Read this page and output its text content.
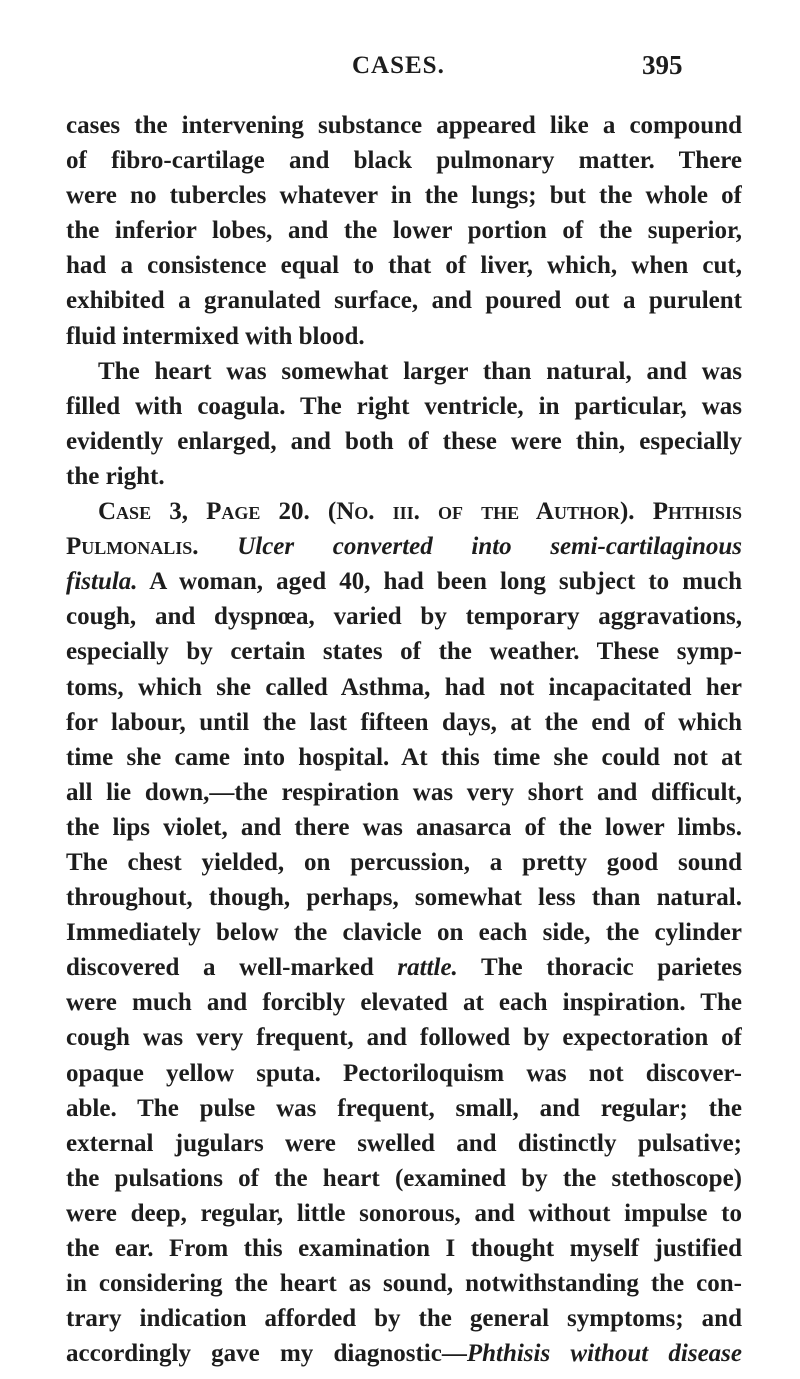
CASES.	395
cases the intervening substance appeared like a compound
of fibro-cartilage and black pulmonary matter. There
were no tubercles whatever in the lungs; but the whole of
the inferior lobes, and the lower portion of the superior,
had a consistence equal to that of liver, which, when cut,
exhibited a granulated surface, and poured out a purulent
fluid intermixed with blood.
The heart was somewhat larger than natural, and was
filled with coagula. The right ventricle, in particular, was
evidently enlarged, and both of these were thin, especially
the right.
Case 3, Page 20. (No. iii. of the Author). Phthisis
Pulmonalis. Ulcer converted into semi-cartilaginous
fistula. A woman, aged 40, had been long subject to much
cough, and dyspnœa, varied by temporary aggravations,
especially by certain states of the weather. These symp-
toms, which she called Asthma, had not incapacitated her
for labour, until the last fifteen days, at the end of which
time she came into hospital. At this time she could not at
all lie down,—the respiration was very short and difficult,
the lips violet, and there was anasarca of the lower limbs.
The chest yielded, on percussion, a pretty good sound
throughout, though, perhaps, somewhat less than natural.
Immediately below the clavicle on each side, the cylinder
discovered a well-marked rattle. The thoracic parietes
were much and forcibly elevated at each inspiration. The
cough was very frequent, and followed by expectoration of
opaque yellow sputa. Pectoriloquism was not discover-
able. The pulse was frequent, small, and regular; the
external jugulars were swelled and distinctly pulsative;
the pulsations of the heart (examined by the stethoscope)
were deep, regular, little sonorous, and without impulse to
the ear. From this examination I thought myself justified
in considering the heart as sound, notwithstanding the con-
trary indication afforded by the general symptoms; and
accordingly gave my diagnostic—Phthisis without disease
